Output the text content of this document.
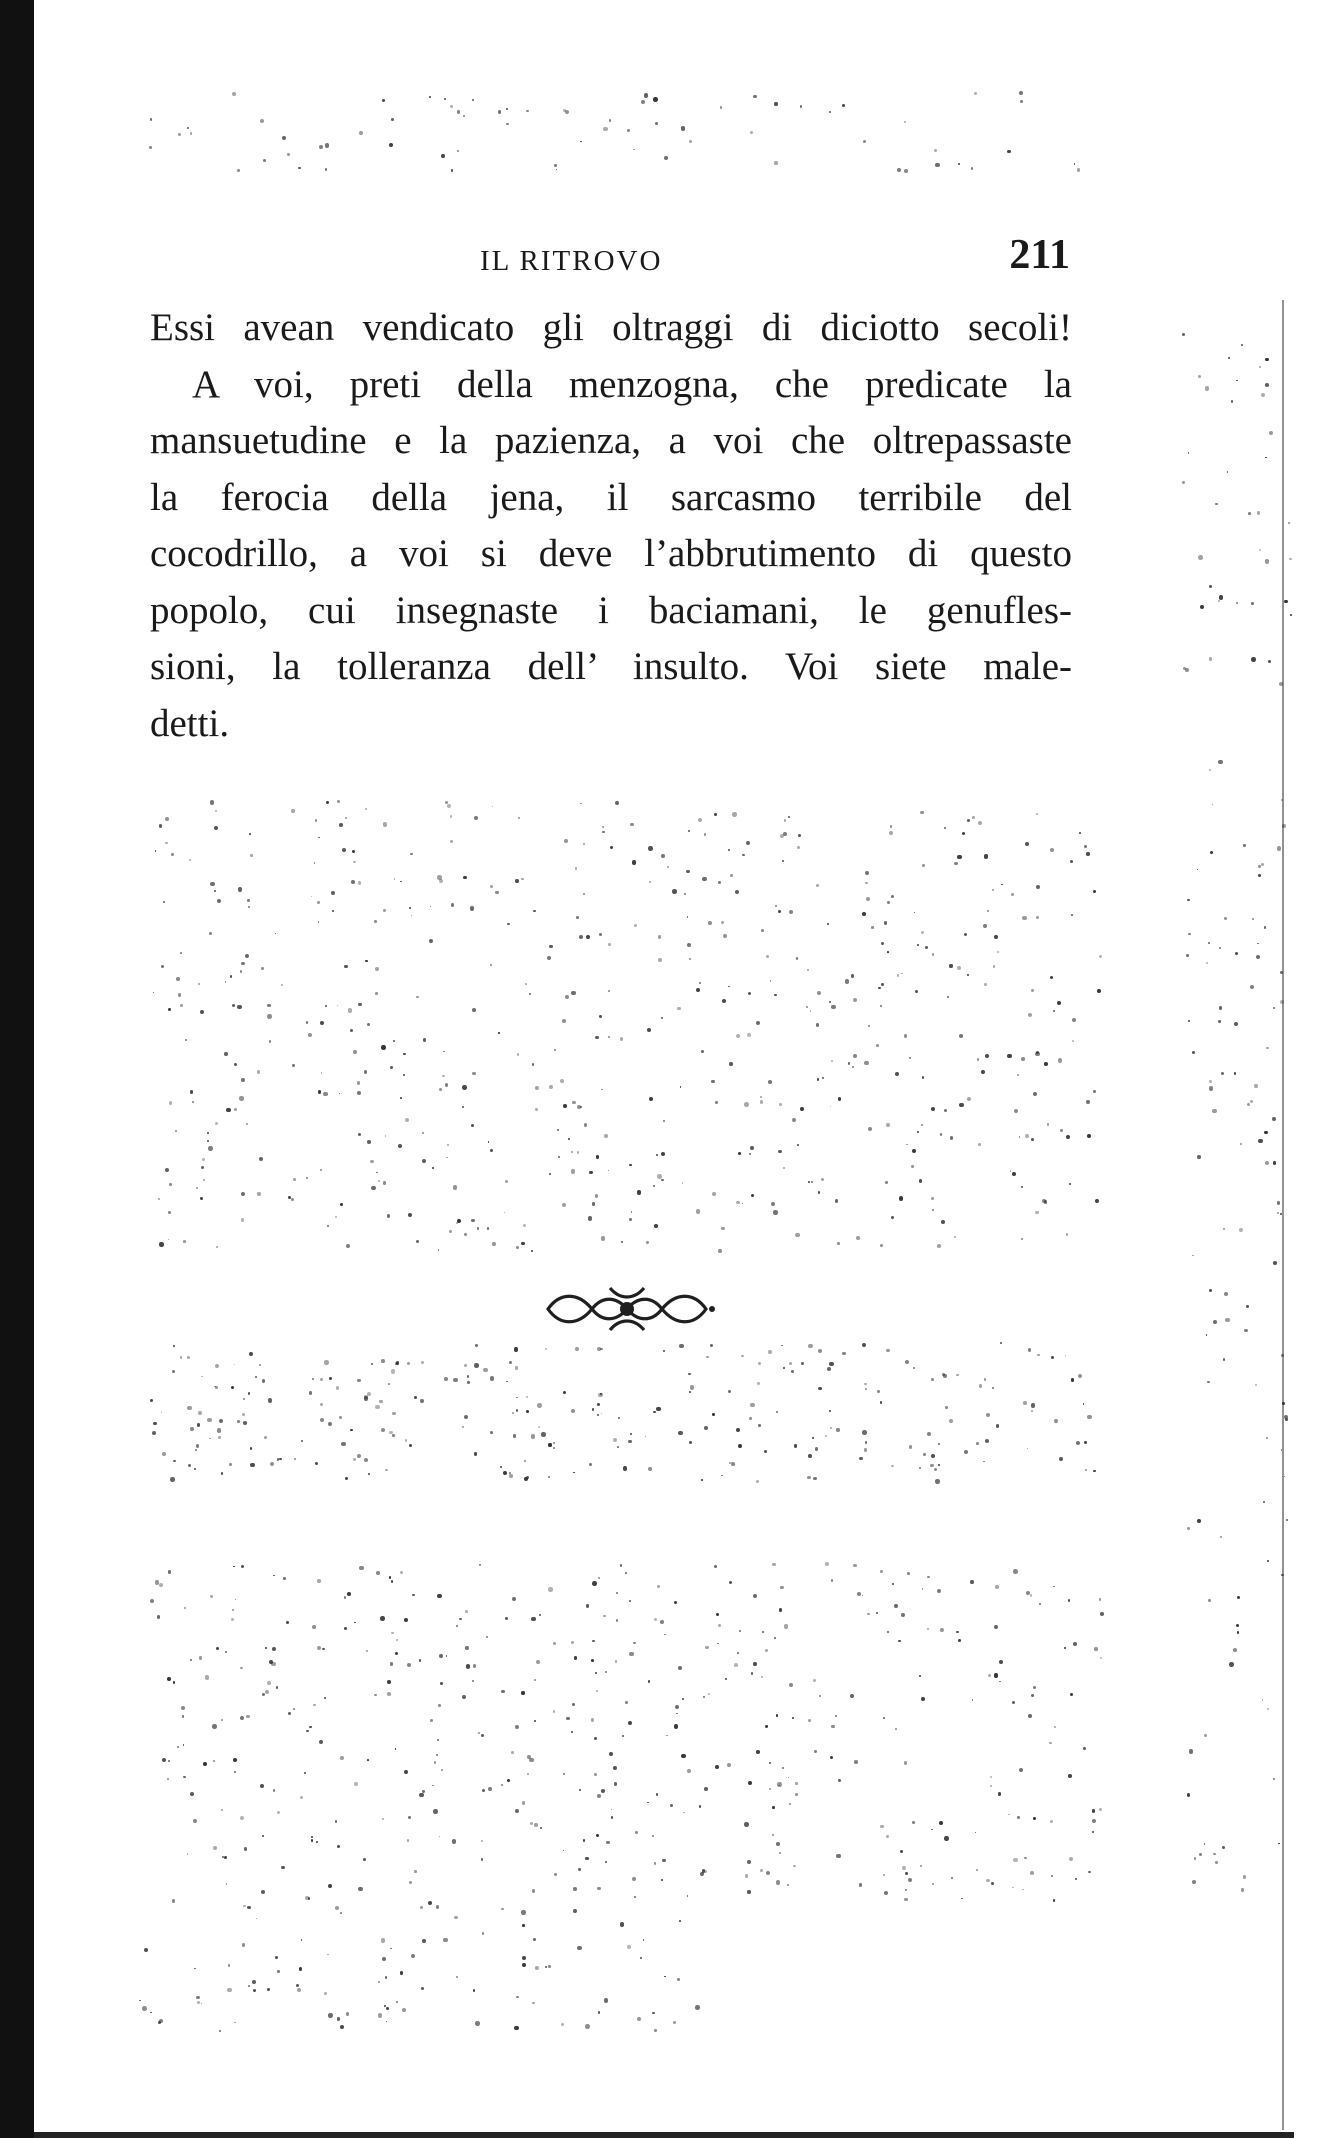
IL RITROVO	211
Essi avean vendicato gli oltraggi di diciotto secoli!
A voi, preti della menzogna, che predicate la
mansuetudine e la pazienza, a voi che oltrepassaste
la ferocia della jena, il sarcasmo terribile del
cocodrillo, a voi si deve l’abbrutimento di questo
popolo, cui insegnaste i baciamani, le genufles-
sioni, la tolleranza dell’ insulto. Voi siete male-
detti.
